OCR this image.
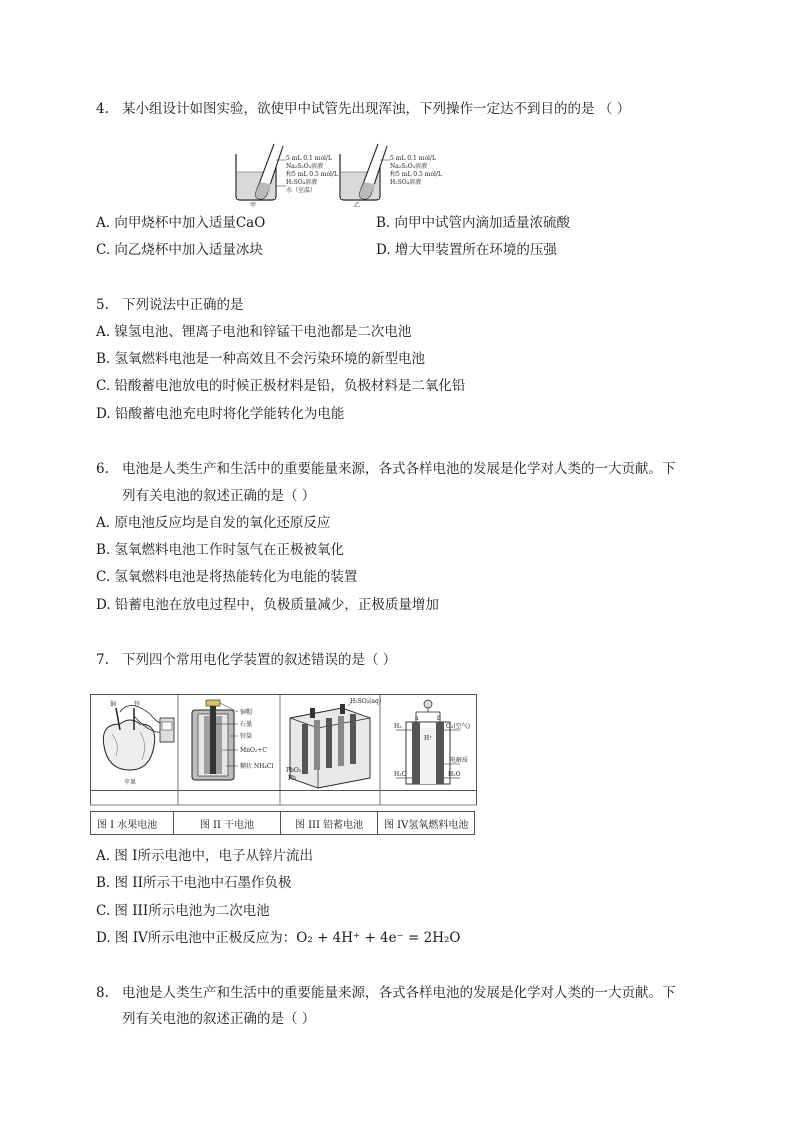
4. 某小组设计如图实验，欲使甲中试管先出现浑浊，下列操作一定达不到目的的是 （ ）
5 mL 0.1 mol/L
Na₂S₂O₃溶液
和5 mL 0.5 mol/L
H₂SO₄溶液
水（室温）
甲
5 mL 0.1 mol/L
Na₂S₂O₃溶液
和5 mL 0.5 mol/L
H₂SO₄溶液
乙
A. 向甲烧杯中加入适量CaO	B. 向甲中试管内滴加适量浓硫酸
C. 向乙烧杯中加入适量冰块	D. 增大甲装置所在环境的压强
5. 下列说法中正确的是
A. 镍氢电池、锂离子电池和锌锰干电池都是二次电池
B. 氢氧燃料电池是一种高效且不会污染环境的新型电池
C. 铅酸蓄电池放电的时候正极材料是铅，负极材料是二氧化铅
D. 铅酸蓄电池充电时将化学能转化为电能
6. 电池是人类生产和生活中的重要能量来源，各式各样电池的发展是化学对人类的一大贡献。下
列有关电池的叙述正确的是（ ）
A. 原电池反应均是自发的氧化还原反应
B. 氢氧燃料电池工作时氢气在正极被氧化
C. 氢氧燃料电池是将热能转化为电能的装置
D. 铅蓄电池在放电过程中，负极质量减少，正极质量增加
7. 下列四个常用电化学装置的叙述错误的是（ ）
铜	锌
苹果
铜帽
石墨
锌筒
MnO₂+C
糊状 NH₄Cl
H₂SO₄(aq)
PbO₂
Pb
a	b
H₂	O₂(空气)
电解质
H₂O	H₂O
H⁺
图 I 水果电池	图 II 干电池	图 III 铅蓄电池	图 IV氢氧燃料电池
A. 图 I所示电池中，电子从锌片流出
B. 图 II所示干电池中石墨作负极
C. 图 III所示电池为二次电池
D. 图 IV所示电池中正极反应为：O₂ + 4H⁺ + 4e⁻ = 2H₂O
8. 电池是人类生产和生活中的重要能量来源，各式各样电池的发展是化学对人类的一大贡献。下
列有关电池的叙述正确的是（ ）
